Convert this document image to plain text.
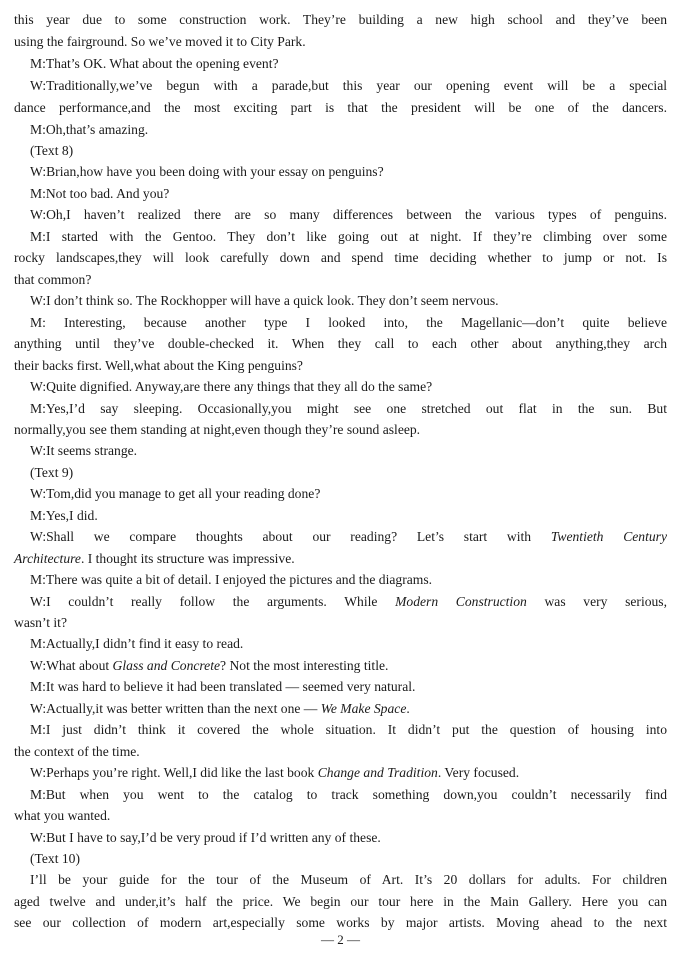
this year due to some construction work. They’re building a new high school and they’ve been
using the fairground. So we’ve moved it to City Park.
M:That’s OK. What about the opening event?
W:Traditionally,we’ve begun with a parade,but this year our opening event will be a special
dance performance,and the most exciting part is that the president will be one of the dancers.
M:Oh,that’s amazing.
(Text 8)
W:Brian,how have you been doing with your essay on penguins?
M:Not too bad. And you?
W:Oh,I haven’t realized there are so many differences between the various types of penguins.
M:I started with the Gentoo. They don’t like going out at night. If they’re climbing over some
rocky landscapes,they will look carefully down and spend time deciding whether to jump or not. Is
that common?
W:I don’t think so. The Rockhopper will have a quick look. They don’t seem nervous.
M: Interesting, because another type I looked into, the Magellanic—don’t quite believe
anything until they’ve double-checked it. When they call to each other about anything,they arch
their backs first. Well,what about the King penguins?
W:Quite dignified. Anyway,are there any things that they all do the same?
M:Yes,I’d say sleeping. Occasionally,you might see one stretched out flat in the sun. But
normally,you see them standing at night,even though they’re sound asleep.
W:It seems strange.
(Text 9)
W:Tom,did you manage to get all your reading done?
M:Yes,I did.
W:Shall we compare thoughts about our reading? Let’s start with Twentieth Century
Architecture. I thought its structure was impressive.
M:There was quite a bit of detail. I enjoyed the pictures and the diagrams.
W:I couldn’t really follow the arguments. While Modern Construction was very serious,
wasn’t it?
M:Actually,I didn’t find it easy to read.
W:What about Glass and Concrete? Not the most interesting title.
M:It was hard to believe it had been translated — seemed very natural.
W:Actually,it was better written than the next one — We Make Space.
M:I just didn’t think it covered the whole situation. It didn’t put the question of housing into
the context of the time.
W:Perhaps you’re right. Well,I did like the last book Change and Tradition. Very focused.
M:But when you went to the catalog to track something down,you couldn’t necessarily find
what you wanted.
W:But I have to say,I’d be very proud if I’d written any of these.
(Text 10)
I’ll be your guide for the tour of the Museum of Art. It’s 20 dollars for adults. For children
aged twelve and under,it’s half the price. We begin our tour here in the Main Gallery. Here you can
see our collection of modern art,especially some works by major artists. Moving ahead to the next
— 2 —
